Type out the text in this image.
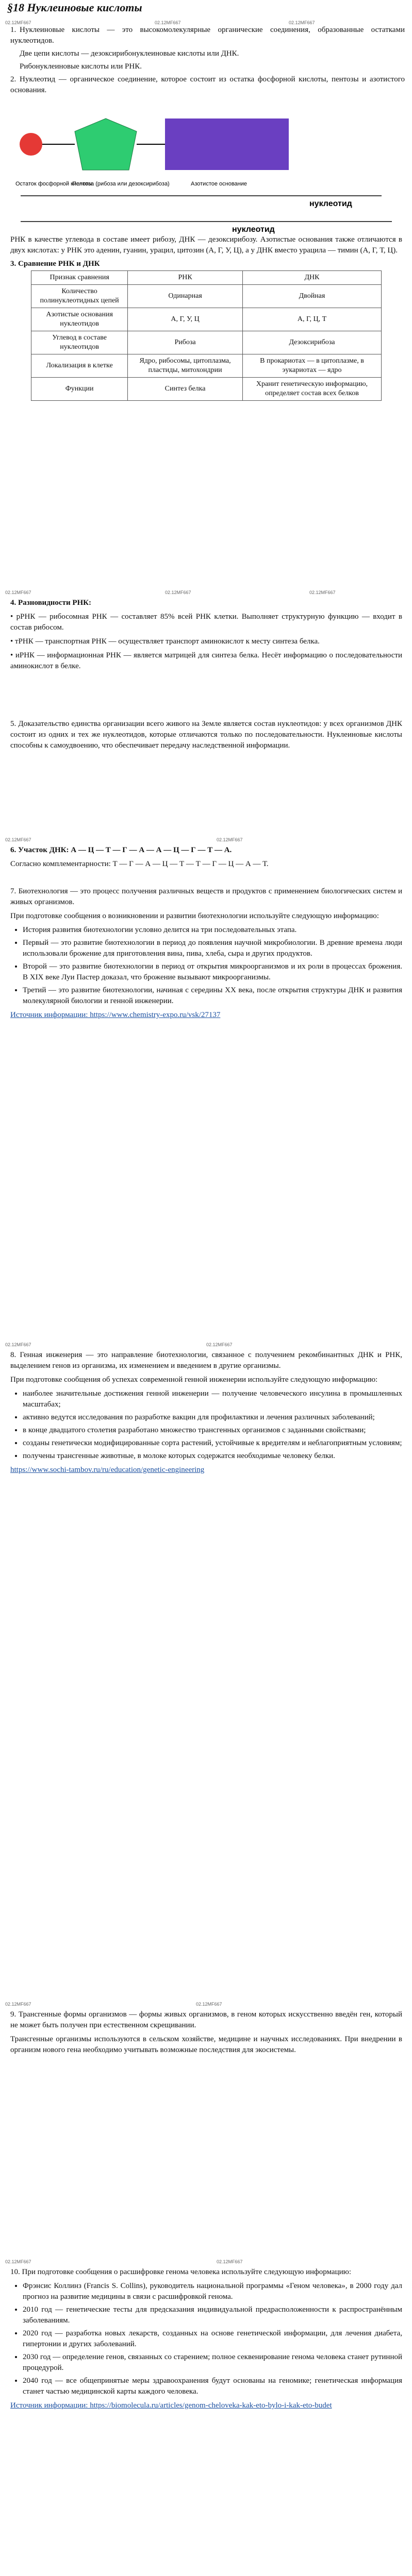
§18 Нуклеиновые кислоты
02.12MF667	02.12MF667	02.12MF667

1. Нуклеиновые кислоты — это высокомолекулярные органические соединения, образованные остатками нуклеотидов.

Две цепи кислоты — дезоксирибонуклеиновые кислоты или ДНК.

Рибонуклеиновые кислоты или РНК.

2. Нуклеотид — органическое соединение, которое состоит из остатка фосфорной кислоты, пентозы и азотистого основания.

Остаток фосфорной кислоты
Пентоза (рибоза или дезоксирибоза)	Азотистое основание
нуклеотид
нуклеотид

РНК в качестве углевода в составе имеет рибозу, ДНК — дезоксирибозу. Азотистые основания также отличаются в двух кислотах: у РНК это аденин, гуанин, урацил, цитозин (А, Г, У, Ц), а у ДНК вместо урацила — тимин (А, Г, Т, Ц).

3. Сравнение РНК и ДНК

Признак сравнения	РНК	ДНК
Количество полинуклеотидных цепей	Одинарная	Двойная
Азотистые основания нуклеотидов	А, Г, У, Ц	А, Г, Ц, Т
Углевод в составе нуклеотидов	Рибоза	Дезоксирибоза
Локализация в клетке	Ядро, рибосомы, цитоплазма, пластиды, митохондрии	В прокариотах — в цитоплазме, в эукариотах — ядро
Функции	Синтез белка	Хранит генетическую информацию, определяет состав всех белков
02.12MF667	02.12MF667	02.12MF667

4. Разновидности РНК:

• рРНК — рибосомная РНК — составляет 85% всей РНК клетки. Выполняет структурную функцию — входит в состав рибосом.

• тРНК — транспортная РНК — осуществляет транспорт аминокислот к месту синтеза белка.

• иРНК — информационная РНК — является матрицей для синтеза белка. Несёт информацию о последовательности аминокислот в белке.

5. Доказательство единства организации всего живого на Земле является состав нуклеотидов: у всех организмов ДНК состоит из одних и тех же нуклеотидов, которые отличаются только по последовательности. Нуклеиновые кислоты способны к самоудвоению, что обеспечивает передачу наследственной информации.

02.12MF667	02.12MF667

6. Участок ДНК: А — Ц — Т — Г — А — А — Ц — Г — Т — А.

Согласно комплементарности: Т — Г — А — Ц — Т — Т — Г — Ц — А — Т.

7. Биотехнология — это процесс получения различных веществ и продуктов с применением биологических систем и живых организмов.

При подготовке сообщения о возникновении и развитии биотехнологии используйте следующую информацию:

• История развития биотехнологии условно делится на три последовательных этапа.
• Первый — это развитие биотехнологии в период до появления научной микробиологии. В древние времена люди использовали брожение для приготовления вина, пива, хлеба, сыра и других продуктов.
• Второй — это развитие биотехнологии в период от открытия микроорганизмов и их роли в процессах брожения. В XIX веке Луи Пастер доказал, что брожение вызывают микроорганизмы.
• Третий — это развитие биотехнологии, начиная с середины XX века, после открытия структуры ДНК и развития молекулярной биологии и генной инженерии.

Источник информации: https://www.chemistry-expo.ru/vsk/27137

02.12MF667	02.12MF667

8. Генная инженерия — это направление биотехнологии, связанное с получением рекомбинантных ДНК и РНК, выделением генов из организма, их изменением и введением в другие организмы.

При подготовке сообщения об успехах современной генной инженерии используйте следующую информацию:

• наиболее значительные достижения генной инженерии — получение человеческого инсулина в промышленных масштабах;
• активно ведутся исследования по разработке вакцин для профилактики и лечения различных заболеваний;
• в конце двадцатого столетия разработано множество трансгенных организмов с заданными свойствами;
• созданы генетически модифицированные сорта растений, устойчивые к вредителям и неблагоприятным условиям;
• получены трансгенные животные, в молоке которых содержатся необходимые человеку белки.

https://www.sochi-tambov.ru/ru/education/genetic-engineering

02.12MF667	02.12MF667

9. Трансгенные формы организмов — формы живых организмов, в геном которых искусственно введён ген, который не может быть получен при естественном скрещивании.

Трансгенные организмы используются в сельском хозяйстве, медицине и научных исследованиях. При внедрении в организм нового гена необходимо учитывать возможные последствия для экосистемы.

02.12MF667	02.12MF667

10. При подготовке сообщения о расшифровке генома человека используйте следующую информацию:

• Фрэнсис Коллинз (Francis S. Collins), руководитель национальной программы «Геном человека», в 2000 году дал прогноз на развитие медицины в связи с расшифровкой генома.
• 2010 год — генетические тесты для предсказания индивидуальной предрасположенности к распространённым заболеваниям.
• 2020 год — разработка новых лекарств, созданных на основе генетической информации, для лечения диабета, гипертонии и других заболеваний.
• 2030 год — определение генов, связанных со старением; полное секвенирование генома человека станет рутинной процедурой.
• 2040 год — все общепринятые меры здравоохранения будут основаны на геномике; генетическая информация станет частью медицинской карты каждого человека.

Источник информации: https://biomolecula.ru/articles/genom-cheloveka-kak-eto-bylo-i-kak-eto-budet
